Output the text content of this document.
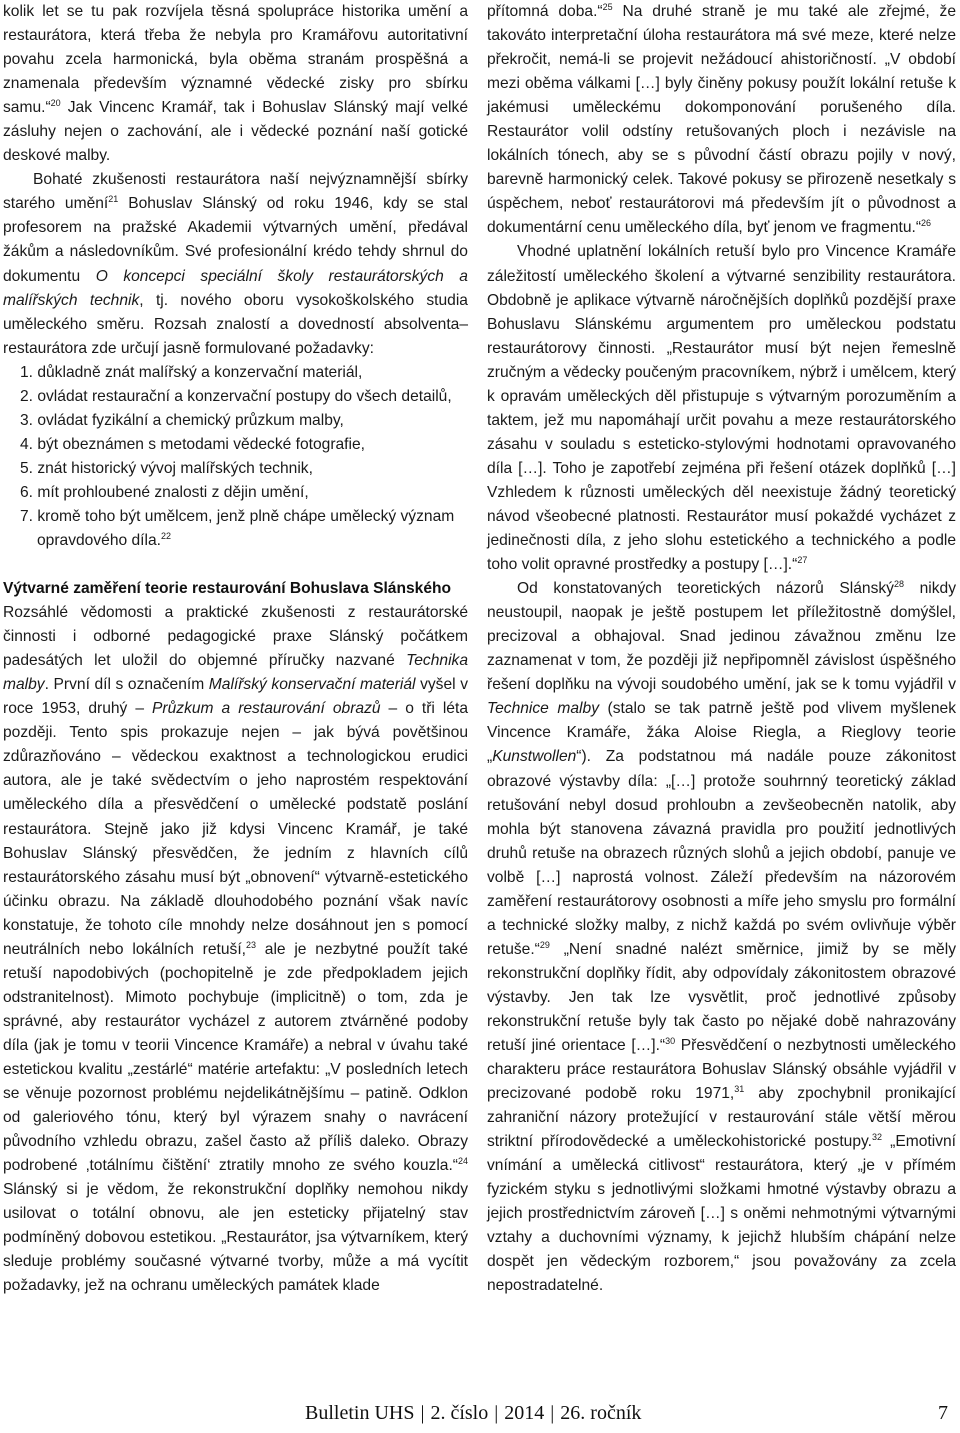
kolik let se tu pak rozvíjela těsná spolupráce historika umění a restaurátora, která třeba že nebyla pro Kramářovu autoritativní povahu zcela harmonická, byla oběma stranám prospěšná a znamenala především významné vědecké zisky pro sbírku samu.“$^{20}$ Jak Vincenc Kramář, tak i Bohuslav Slánský mají velké zásluhy nejen o zachování, ale i vědecké poznání naší gotické deskové malby.

Bohaté zkušenosti restaurátora naší nejvýznamnější sbírky starého umění$^{21}$ Bohuslav Slánský od roku 1946, kdy se stal profesorem na pražské Akademii výtvarných umění, předával žákům a následovníkům. Své profesionální krédo tehdy shrnul do dokumentu O koncepci speciální školy restaurátorských a malířských technik, tj. nového oboru vysokoškolského studia uměleckého směru. Rozsah znalostí a dovedností absolventa–restaurátora zde určují jasně formulované požadavky:

1. důkladně znát malířský a konzervační materiál,
2. ovládat restaurační a konzervační postupy do všech detailů,
3. ovládat fyzikální a chemický průzkum malby,
4. být obeznámen s metodami vědecké fotografie,
5. znát historický vývoj malířských technik,
6. mít prohloubené znalosti z dějin umění,
7. kromě toho být umělcem, jenž plně chápe umělecký význam opravdového díla.$^{22}$
Výtvarné zaměření teorie restaurování Bohuslava Slánského

Rozsáhlé vědomosti a praktické zkušenosti z restaurátorské činnosti i odborné pedagogické praxe Slánský počátkem padesátých let uložil do objemné příručky nazvané Technika malby. První díl s označením Malířský konservační materiál vyšel v roce 1953, druhý – Průzkum a restaurování obrazů – o tři léta později. Tento spis prokazuje nejen – jak bývá povětšinou zdůrazňováno – vědeckou exaktnost a technologickou erudici autora, ale je také svědectvím o jeho naprostém respektování uměleckého díla a přesvědčení o umělecké podstatě poslání restaurátora. Stejně jako již kdysi Vincenc Kramář, je také Bohuslav Slánský přesvědčen, že jedním z hlavních cílů restaurátorského zásahu musí být „obnovení“ výtvarně-estetického účinku obrazu. Na základě dlouhodobého poznání však navíc konstatuje, že tohoto cíle mnohdy nelze dosáhnout jen s pomocí neutrálních nebo lokálních retuší,$^{23}$ ale je nezbytné použít také retuší napodobivých (pochopitelně je zde předpokladem jejich odstranitelnost). Mimoto pochybuje (implicitně) o tom, zda je správné, aby restaurátor vycházel z autorem ztvárněné podoby díla (jak je tomu v teorii Vincence Kramáře) a nebral v úvahu také estetickou kvalitu „zestárlé“ matérie artefaktu: „V posledních letech se věnuje pozornost problému nejdelikátnějšímu – patině. Odklon od galeriového tónu, který byl výrazem snahy o navrácení původního vzhledu obrazu, zašel často až příliš daleko. Obrazy podrobené ‚totálnímu čištění‘ ztratily mnoho ze svého kouzla.“$^{24}$ Slánský si je vědom, že rekonstrukční doplňky nemohou nikdy usilovat o totální obnovu, ale jen esteticky přijatelný stav podmíněný dobovou estetikou. „Restaurátor, jsa výtvarníkem, který sleduje problémy současné výtvarné tvorby, může a má vycítit požadavky, jež na ochranu uměleckých památek klade

přítomná doba.“$^{25}$ Na druhé straně je mu také ale zřejmé, že takováto interpretační úloha restaurátora má své meze, které nelze překročit, nemá-li se projevit nežádoucí ahistoričností. „V období mezi oběma válkami […] byly činěny pokusy použít lokální retuše k jakémusi uměleckému dokomponování porušeného díla. Restaurátor volil odstíny retušovaných ploch i nezávisle na lokálních tónech, aby se s původní částí obrazu pojily v nový, barevně harmonický celek. Takové pokusy se přirozeně nesetkaly s úspěchem, neboť restaurátorovi má především jít o původnost a dokumentární cenu uměleckého díla, byť jenom ve fragmentu.“$^{26}$

Vhodné uplatnění lokálních retuší bylo pro Vincence Kramáře záležitostí uměleckého školení a výtvarné senzibility restaurátora. Obdobně je aplikace výtvarně náročnějších doplňků pozdější praxe Bohuslavu Slánskému argumentem pro uměleckou podstatu restaurátorovy činnosti. „Restaurátor musí být nejen řemeslně zručným a vědecky poučeným pracovníkem, nýbrž i umělcem, který k opravám uměleckých děl přistupuje s výtvarným porozuměním a taktem, jež mu napomáhají určit povahu a meze restaurátorského zásahu v souladu s esteticko-stylovými hodnotami opravovaného díla […]. Toho je zapotřebí zejména při řešení otázek doplňků […] Vzhledem k různosti uměleckých děl neexistuje žádný teoretický návod všeobecné platnosti. Restaurátor musí pokaždé vycházet z jedinečnosti díla, z jeho slohu estetického a technického a podle toho volit opravné prostředky a postupy […].“$^{27}$

Od konstatovaných teoretických názorů Slánský$^{28}$ nikdy neustoupil, naopak je ještě postupem let příležitostně domýšlel, precizoval a obhajoval. Snad jedinou závažnou změnu lze zaznamenat v tom, že později již nepřipomněl závislost úspěšného řešení doplňku na vývoji soudobého umění, jak se k tomu vyjádřil v Technice malby (stalo se tak patrně ještě pod vlivem myšlenek Vincence Kramáře, žáka Aloise Riegla, a Rieglovy teorie „Kunstwollen“). Za podstatnou má nadále pouze zákonitost obrazové výstavby díla: „[…] protože souhrnný teoretický základ retušování nebyl dosud prohloubn a zevšeobecněn natolik, aby mohla být stanovena závazná pravidla pro použití jednotlivých druhů retuše na obrazech různých slohů a jejich období, panuje ve volbě […] naprostá volnost. Záleží především na názorovém zaměření restaurátorovy osobnosti a míře jeho smyslu pro formální a technické složky malby, z nichž každá po svém ovlivňuje výběr retuše.“$^{29}$ „Není snadné nalézt směrnice, jimiž by se měly rekonstrukční doplňky řídit, aby odpovídaly zákonitostem obrazové výstavby. Jen tak lze vysvětlit, proč jednotlivé způsoby rekonstrukční retuše byly tak často po nějaké době nahrazovány retuší jiné orientace […].“$^{30}$ Přesvědčení o nezbytnosti uměleckého charakteru práce restaurátora Bohuslav Slánský obsáhle vyjádřil v precizované podobě roku 1971,31 aby zpochybnil pronikající zahraniční názory protežující v restaurování stále větší měrou striktní přírodovědecké a uměleckohistorické postupy.$^{32}$ „Emotivní vnímání a umělecká citlivost“ restaurátora, který „je v přímém fyzickém styku s jednotlivými složkami hmotné výstavby obrazu a jejich prostřednictvím zároveň […] s oněmi nehmotnými výtvarnými vztahy a duchovními významy, k jejichž hlubším chápání nelze dospět jen vědeckým rozborem,“ jsou považovány za zcela nepostradatelné.

Bulletin UHS | 2. číslo | 2014 | 26. ročník	7
